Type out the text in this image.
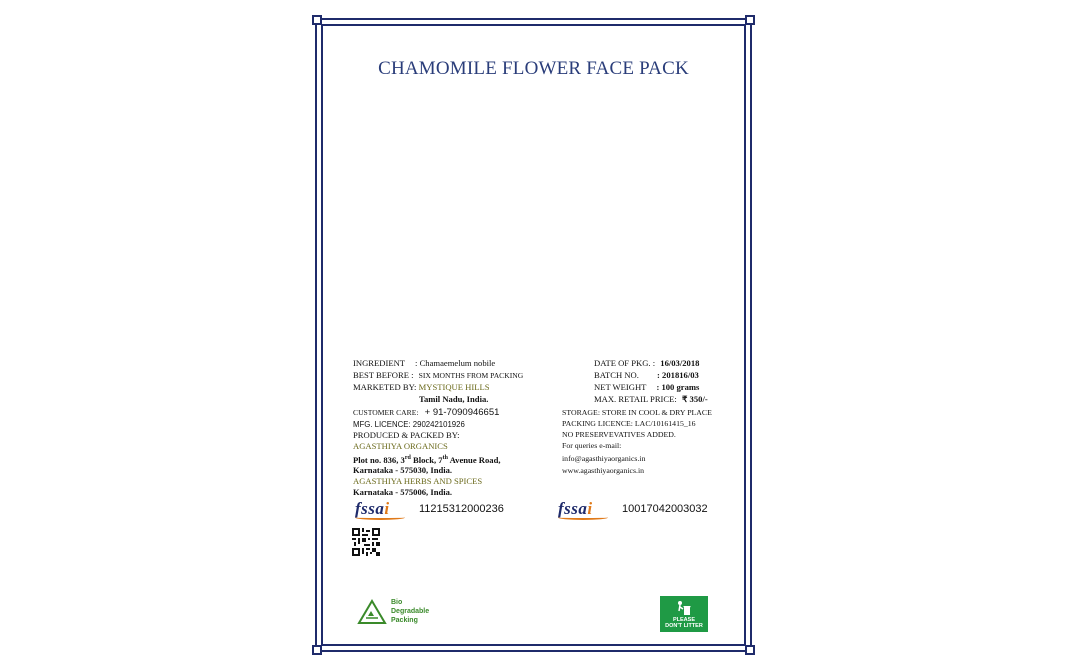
CHAMOMILE FLOWER FACE PACK
INGREDIENT : Chamaemelum nobile
BEST BEFORE : SIX MONTHS FROM PACKING
MARKETED BY: MYSTIQUE HILLS
Tamil Nadu, India.
CUSTOMER CARE: + 91-7090946651
MFG. LICENCE: 290242101926
PRODUCED & PACKED BY:
AGASTHIYA ORGANICS
Plot no. 836, 3rd Block, 7th Avenue Road,
Karnataka - 575030, India.
AGASTHIYA HERBS AND SPICES
Karnataka - 575006, India.
DATE OF PKG. : 16/03/2018
BATCH NO. : 201816/03
NET WEIGHT : 100 grams
MAX. RETAIL PRICE: ₹ 350/-
STORAGE: STORE IN COOL & DRY PLACE
PACKING LICENCE: LAC/10161415_16
NO PRESERVEVATIVES ADDED.
For queries e-mail:
info@agasthiyaorganics.in
www.agasthiyaorganics.in
fssai	11215312000236	fssai	10017042003032
Bio
Degradable
Packing	PLEASE
DON'T LITTER
